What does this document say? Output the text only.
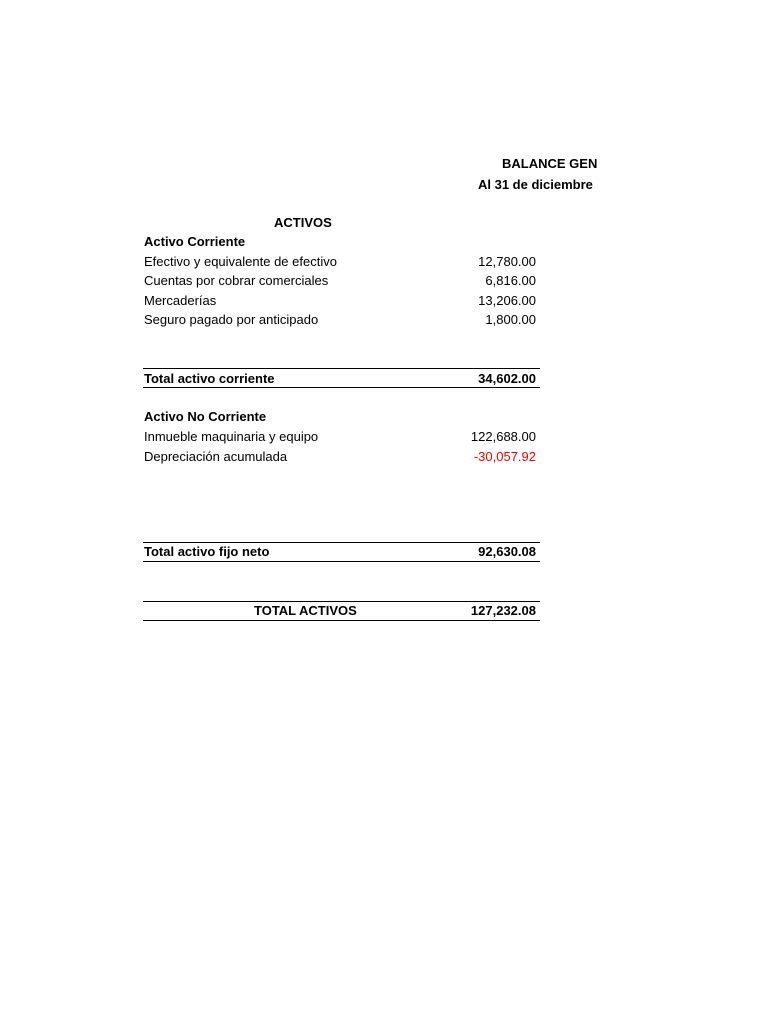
BALANCE GEN
Al 31 de diciembre
ACTIVOS
Activo Corriente
Efectivo y equivalente de efectivo	12,780.00
Cuentas por cobrar comerciales	6,816.00
Mercaderías	13,206.00
Seguro pagado por anticipado	1,800.00
Total activo corriente	34,602.00
Activo No Corriente
Inmueble maquinaria y equipo	122,688.00
Depreciación acumulada	-30,057.92
Total activo fijo neto	92,630.08
TOTAL ACTIVOS	127,232.08
